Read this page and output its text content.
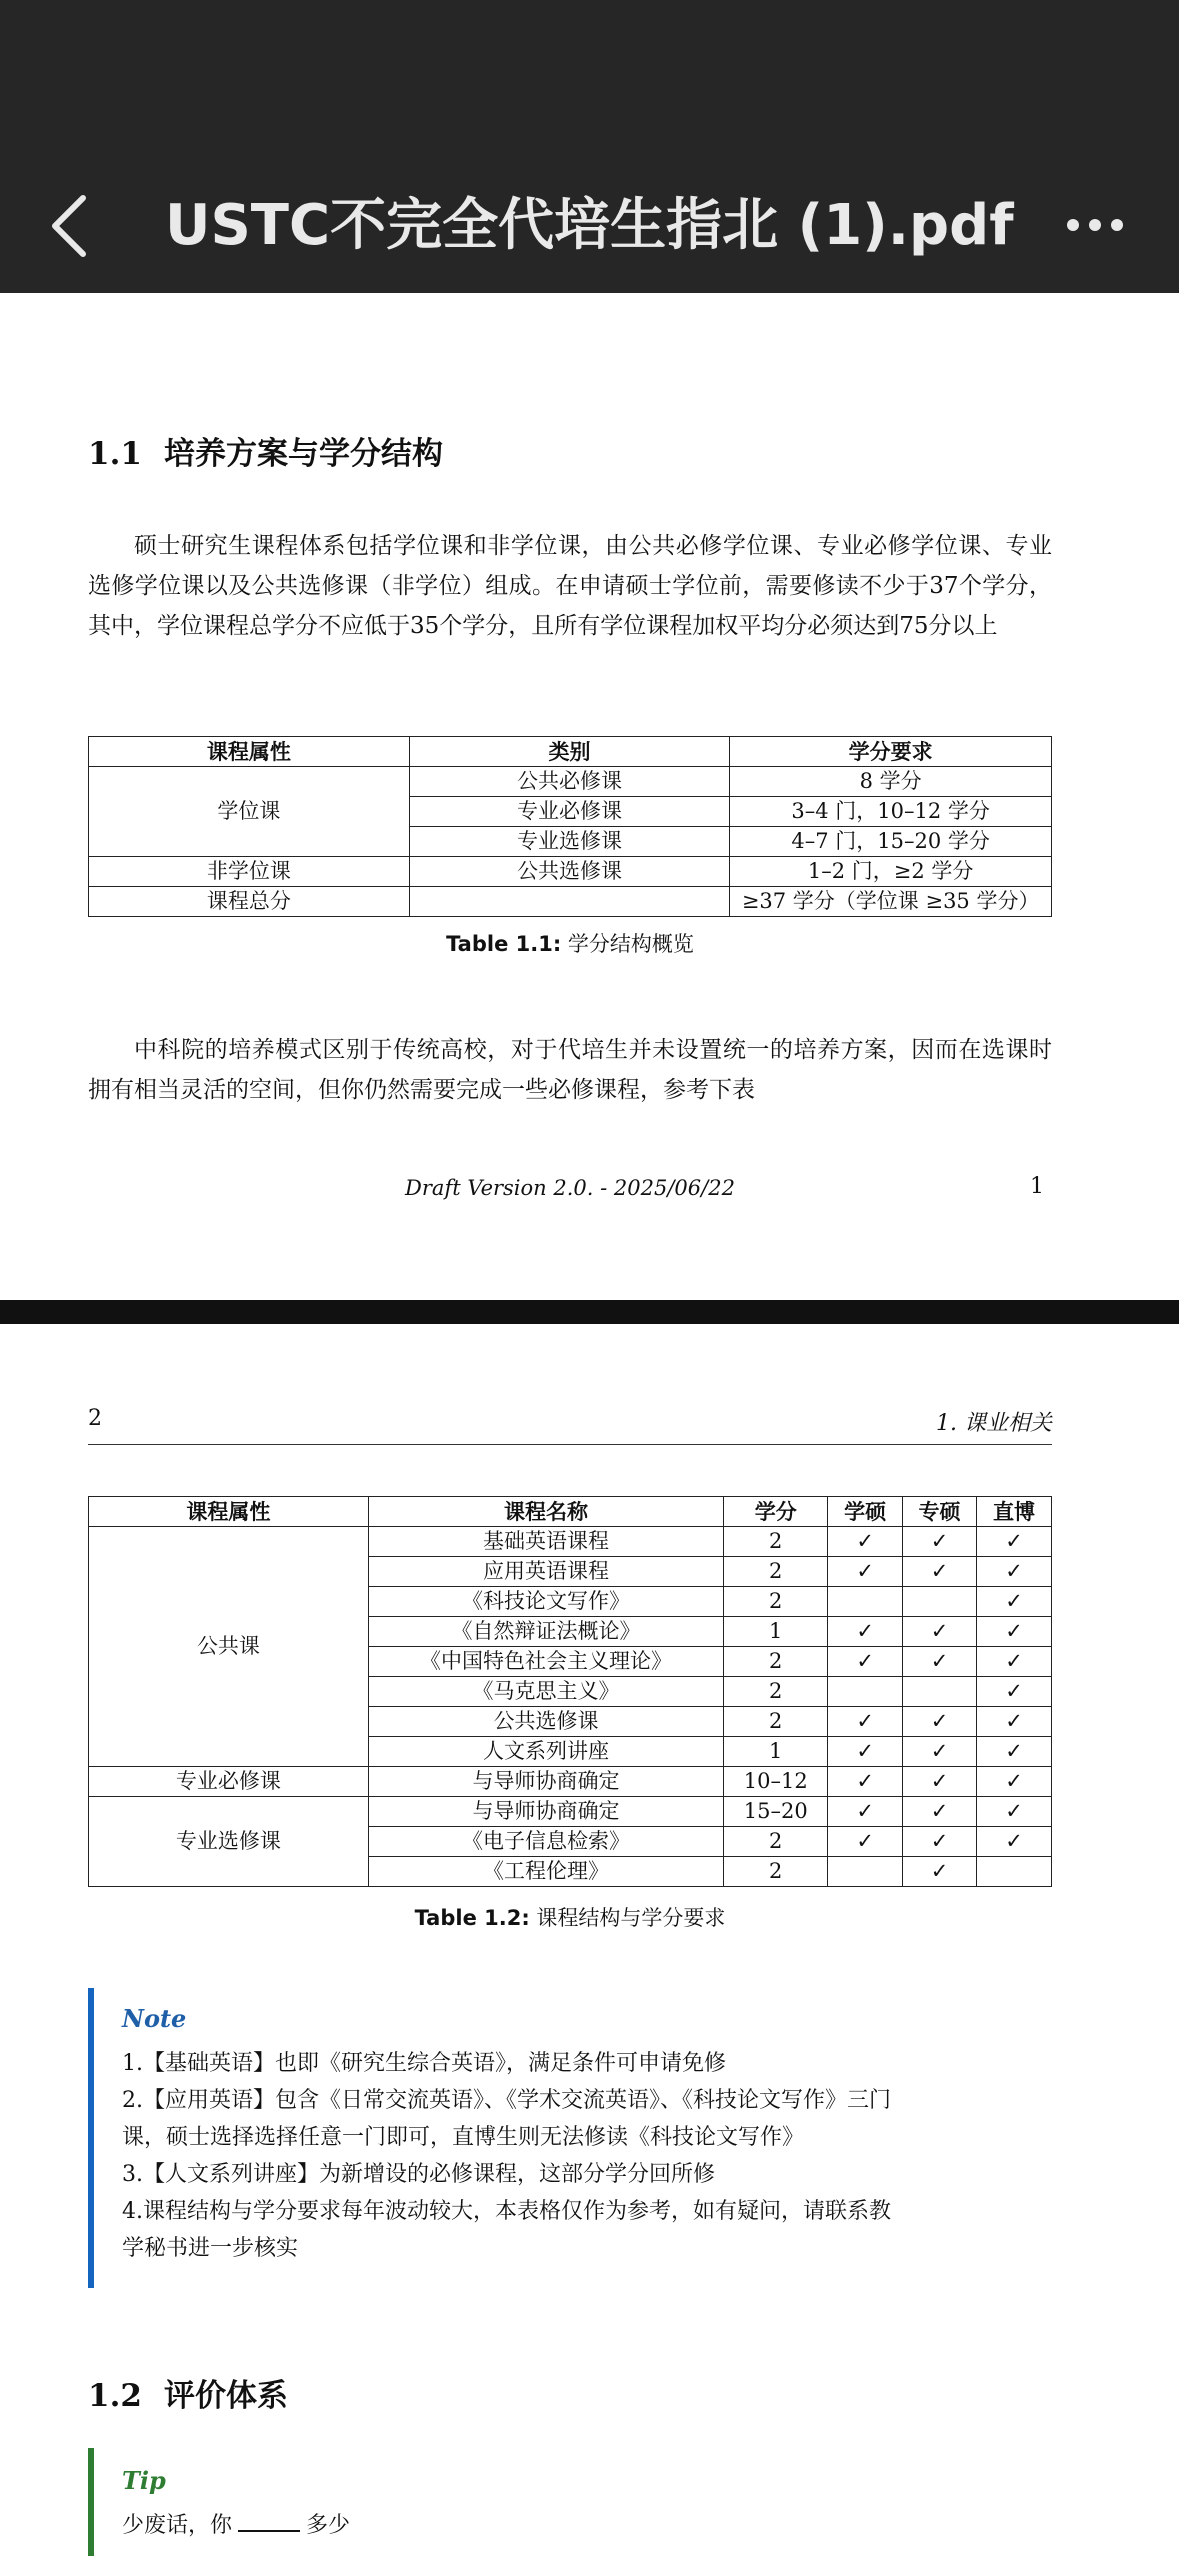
USTC不完全代培生指北 (1).pdf
1.1 培养方案与学分结构

硕士研究生课程体系包括学位课和非学位课，由公共必修学位课、专业必修学位课、专业选修学位课以及公共选修课（非学位）组成。在申请硕士学位前，需要修读不少于37个学分，其中，学位课程总学分不应低于35个学分，且所有学位课程加权平均分必须达到75分以上

课程属性	类别	学分要求
学位课	公共必修课	8 学分
	专业必修课	3–4 门，10–12 学分
	专业选修课	4–7 门，15–20 学分
非学位课	公共选修课	1–2 门，≥2 学分
课程总分		≥37 学分（学位课 ≥35 学分）
Table 1.1: 学分结构概览

中科院的培养模式区别于传统高校，对于代培生并未设置统一的培养方案，因而在选课时拥有相当灵活的空间，但你仍然需要完成一些必修课程，参考下表

Draft Version 2.0. - 2025/06/22	1
2	1. 课业相关
课程属性	课程名称	学分	学硕	专硕	直博
公共课	基础英语课程	2	✓	✓	✓
	应用英语课程	2	✓	✓	✓
	《科技论文写作》	2			✓
	《自然辩证法概论》	1	✓	✓	✓
	《中国特色社会主义理论》	2	✓	✓	✓
	《马克思主义》	2			✓
	公共选修课	2	✓	✓	✓
	人文系列讲座	1	✓	✓	✓
专业必修课	与导师协商确定	10–12	✓	✓	✓
专业选修课	与导师协商确定	15–20	✓	✓	✓
	《电子信息检索》	2	✓	✓	✓
	《工程伦理》	2		✓	
Table 1.2: 课程结构与学分要求
Note
1.【基础英语】也即《研究生综合英语》，满足条件可申请免修
2.【应用英语】包含《日常交流英语》、《学术交流英语》、《科技论文写作》三门
课，硕士选择选择任意一门即可，直博生则无法修读《科技论文写作》
3.【人文系列讲座】为新增设的必修课程，这部分学分回所修
4.课程结构与学分要求每年波动较大，本表格仅作为参考，如有疑问，请联系教
学秘书进一步核实
1.2 评价体系
Tip
少废话，你	多少
